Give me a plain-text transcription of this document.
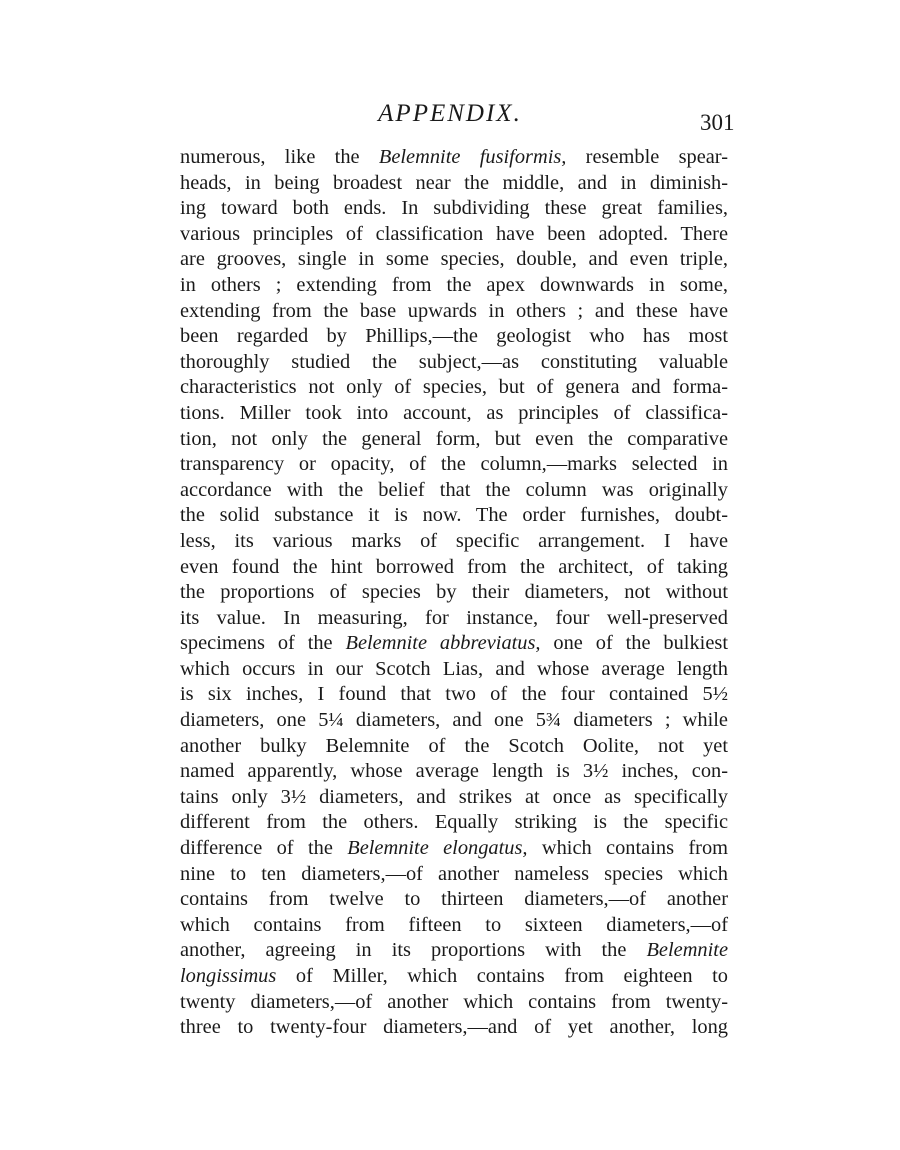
APPENDIX.	301
numerous, like the Belemnite fusiformis, resemble spear-
heads, in being broadest near the middle, and in diminish-
ing toward both ends. In subdividing these great families,
various principles of classification have been adopted. There
are grooves, single in some species, double, and even triple,
in others ; extending from the apex downwards in some,
extending from the base upwards in others ; and these have
been regarded by Phillips,—the geologist who has most
thoroughly studied the subject,—as constituting valuable
characteristics not only of species, but of genera and forma-
tions. Miller took into account, as principles of classifica-
tion, not only the general form, but even the comparative
transparency or opacity, of the column,—marks selected in
accordance with the belief that the column was originally
the solid substance it is now. The order furnishes, doubt-
less, its various marks of specific arrangement. I have
even found the hint borrowed from the architect, of taking
the proportions of species by their diameters, not without
its value. In measuring, for instance, four well-preserved
specimens of the Belemnite abbreviatus, one of the bulkiest
which occurs in our Scotch Lias, and whose average length
is six inches, I found that two of the four contained 5½
diameters, one 5¼ diameters, and one 5¾ diameters ; while
another bulky Belemnite of the Scotch Oolite, not yet
named apparently, whose average length is 3½ inches, con-
tains only 3½ diameters, and strikes at once as specifically
different from the others. Equally striking is the specific
difference of the Belemnite elongatus, which contains from
nine to ten diameters,—of another nameless species which
contains from twelve to thirteen diameters,—of another
which contains from fifteen to sixteen diameters,—of
another, agreeing in its proportions with the Belemnite
longissimus of Miller, which contains from eighteen to
twenty diameters,—of another which contains from twenty-
three to twenty-four diameters,—and of yet another, long
